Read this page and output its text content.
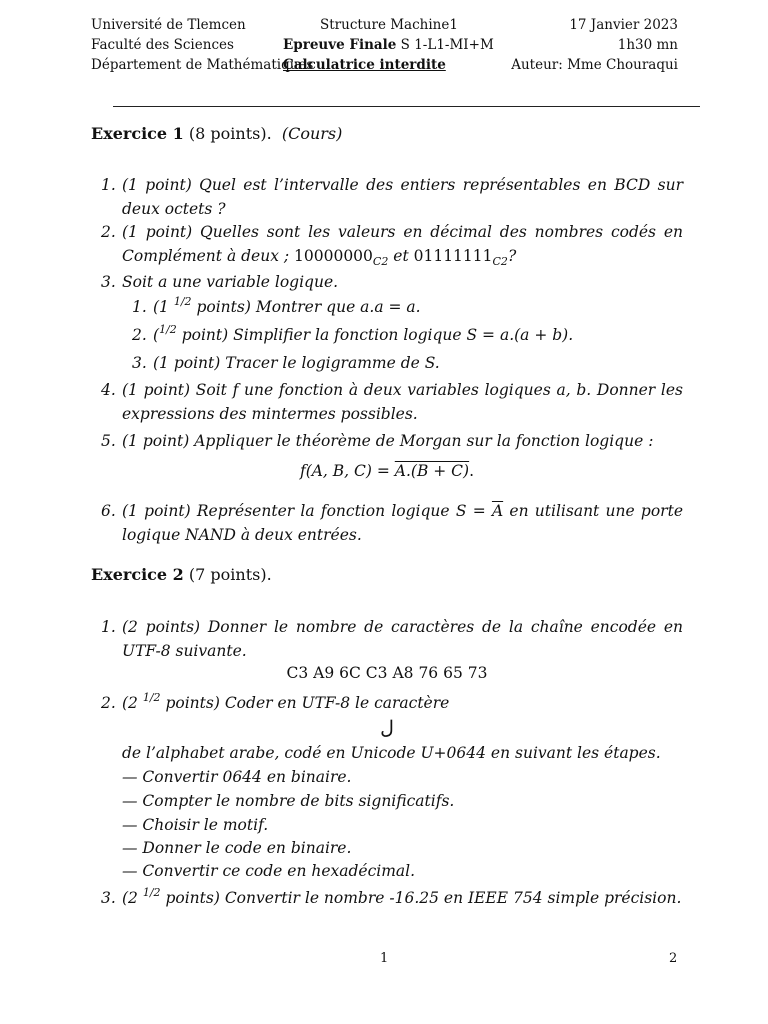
Université de Tlemcen
Faculté des Sciences
Département de Mathématiques
Structure Machine1
Epreuve Finale S 1-L1-MI+M
Calculatrice interdite
17 Janvier 2023
1h30 mn
Auteur: Mme Chouraqui
Exercice 1 (8 points). (Cours)
1. (1 point) Quel est l’intervalle des entiers représentables en BCD sur deux octets ?
2. (1 point) Quelles sont les valeurs en décimal des nombres codés en Complément à deux ; $10000000_{C2}$ et $01111111_{C2}$?
3. Soit a une variable logique.
1. (1 $^{1/2}$ points) Montrer que a.a = a.
2. ($^{1/2}$ point) Simplifier la fonction logique S = a.(a + b).
3. (1 point) Tracer le logigramme de S.
4. (1 point) Soit f une fonction à deux variables logiques a, b. Donner les expressions des mintermes possibles.
5. (1 point) Appliquer le théorème de Morgan sur la fonction logique :
f(A, B, C) = A.(B + C).
6. (1 point) Représenter la fonction logique $S = \overline{A}$ en utilisant une porte logique NAND à deux entrées.
Exercice 2 (7 points).
1. (2 points) Donner le nombre de caractères de la chaîne encodée en UTF-8 suivante.
C3 A9 6C C3 A8 76 65 73
2. (2 $^{1/2}$ points) Coder en UTF-8 le caractère
ل
de l’alphabet arabe, codé en Unicode U+0644 en suivant les étapes.
— Convertir 0644 en binaire.
— Compter le nombre de bits significatifs.
— Choisir le motif.
— Donner le code en binaire.
— Convertir ce code en hexadécimal.
3. (2 $^{1/2}$ points) Convertir le nombre -16.25 en IEEE 754 simple précision.
1	2
